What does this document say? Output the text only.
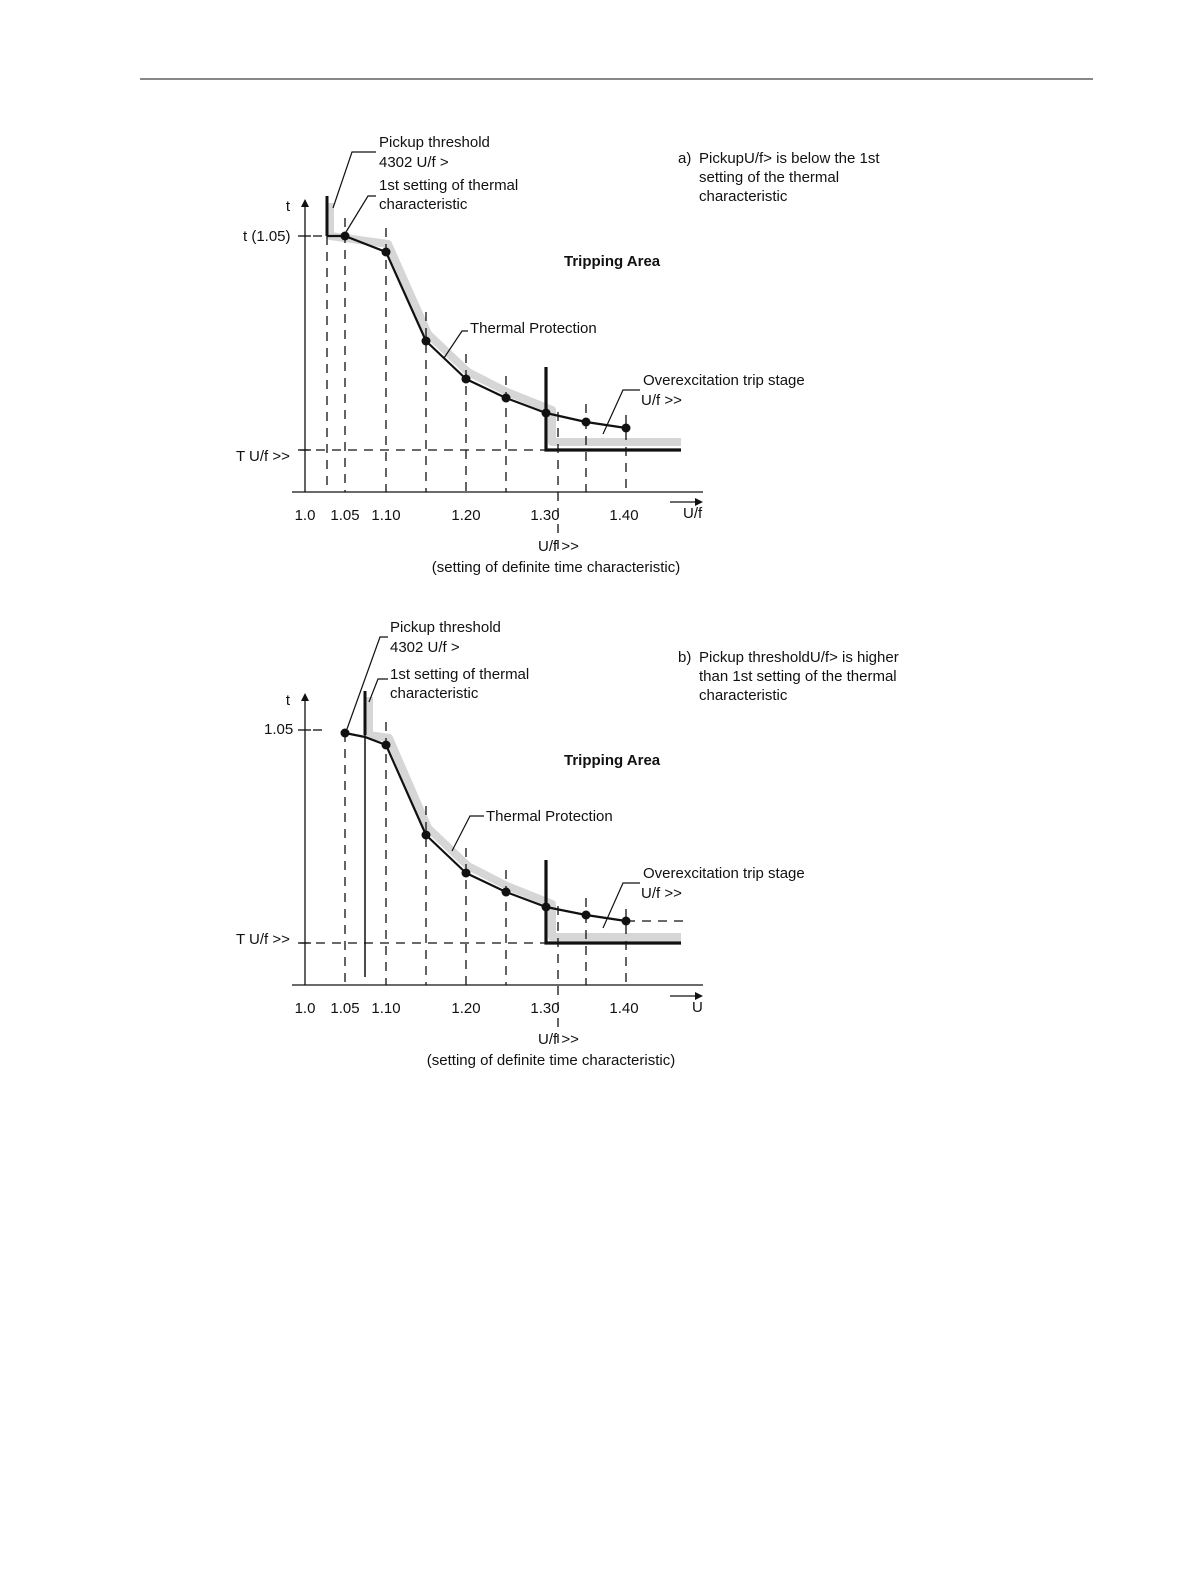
t
t (1.05)
T U/f >>
1.0 1.05 1.10	1.20	1.30	1.40	U/f
Pickup threshold
4302 U/f >
1st setting of thermal
characteristic
a) PickupU/f> is below the 1st
setting of the thermal
characteristic
Tripping Area
Thermal Protection
Overexcitation trip stage
U/f >>
U/f >>
(setting of definite time characteristic)
t
1.05
T U/f >>
1.0 1.05 1.10	1.20	1.30	1.40	U
Pickup threshold
4302 U/f >
1st setting of thermal
characteristic
b) Pickup thresholdU/f> is higher
than 1st setting of the thermal
characteristic
Tripping Area
Thermal Protection
Overexcitation trip stage
U/f >>
U/f >>
(setting of definite time characteristic)
